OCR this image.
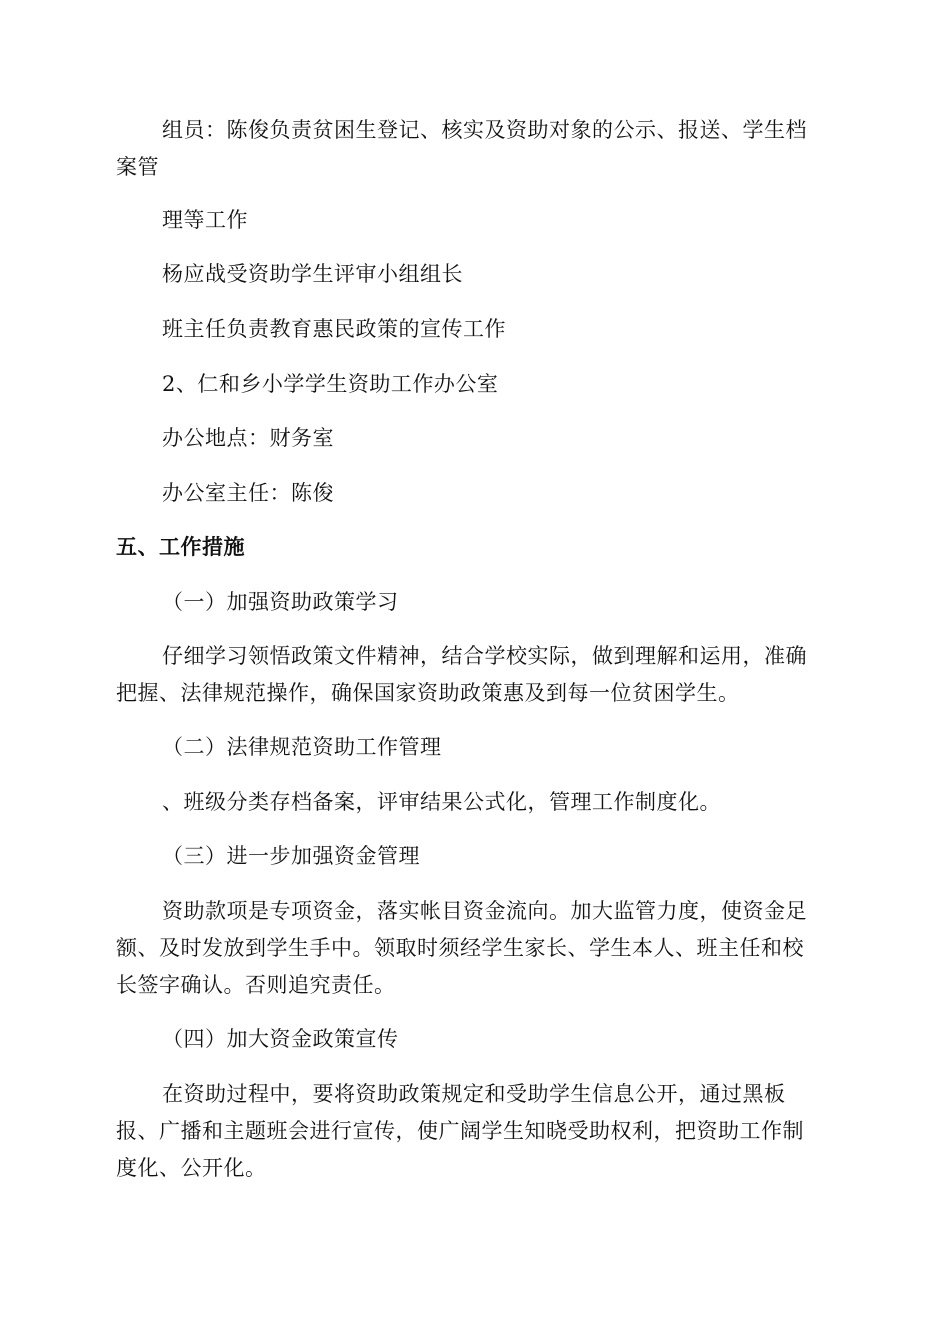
组员：陈俊负责贫困生登记、核实及资助对象的公示、报送、学生档
案管
理等工作
杨应战受资助学生评审小组组长
班主任负责教育惠民政策的宣传工作
2、仁和乡小学学生资助工作办公室
办公地点：财务室
办公室主任：陈俊
五、工作措施
（一）加强资助政策学习
仔细学习领悟政策文件精神，结合学校实际，做到理解和运用，准确
把握、法律规范操作，确保国家资助政策惠及到每一位贫困学生。
（二）法律规范资助工作管理
、班级分类存档备案，评审结果公式化，管理工作制度化。
（三）进一步加强资金管理
资助款项是专项资金，落实帐目资金流向。加大监管力度，使资金足
额、及时发放到学生手中。领取时须经学生家长、学生本人、班主任和校
长签字确认。否则追究责任。
（四）加大资金政策宣传
在资助过程中，要将资助政策规定和受助学生信息公开，通过黑板
报、广播和主题班会进行宣传，使广阔学生知晓受助权利，把资助工作制
度化、公开化。
